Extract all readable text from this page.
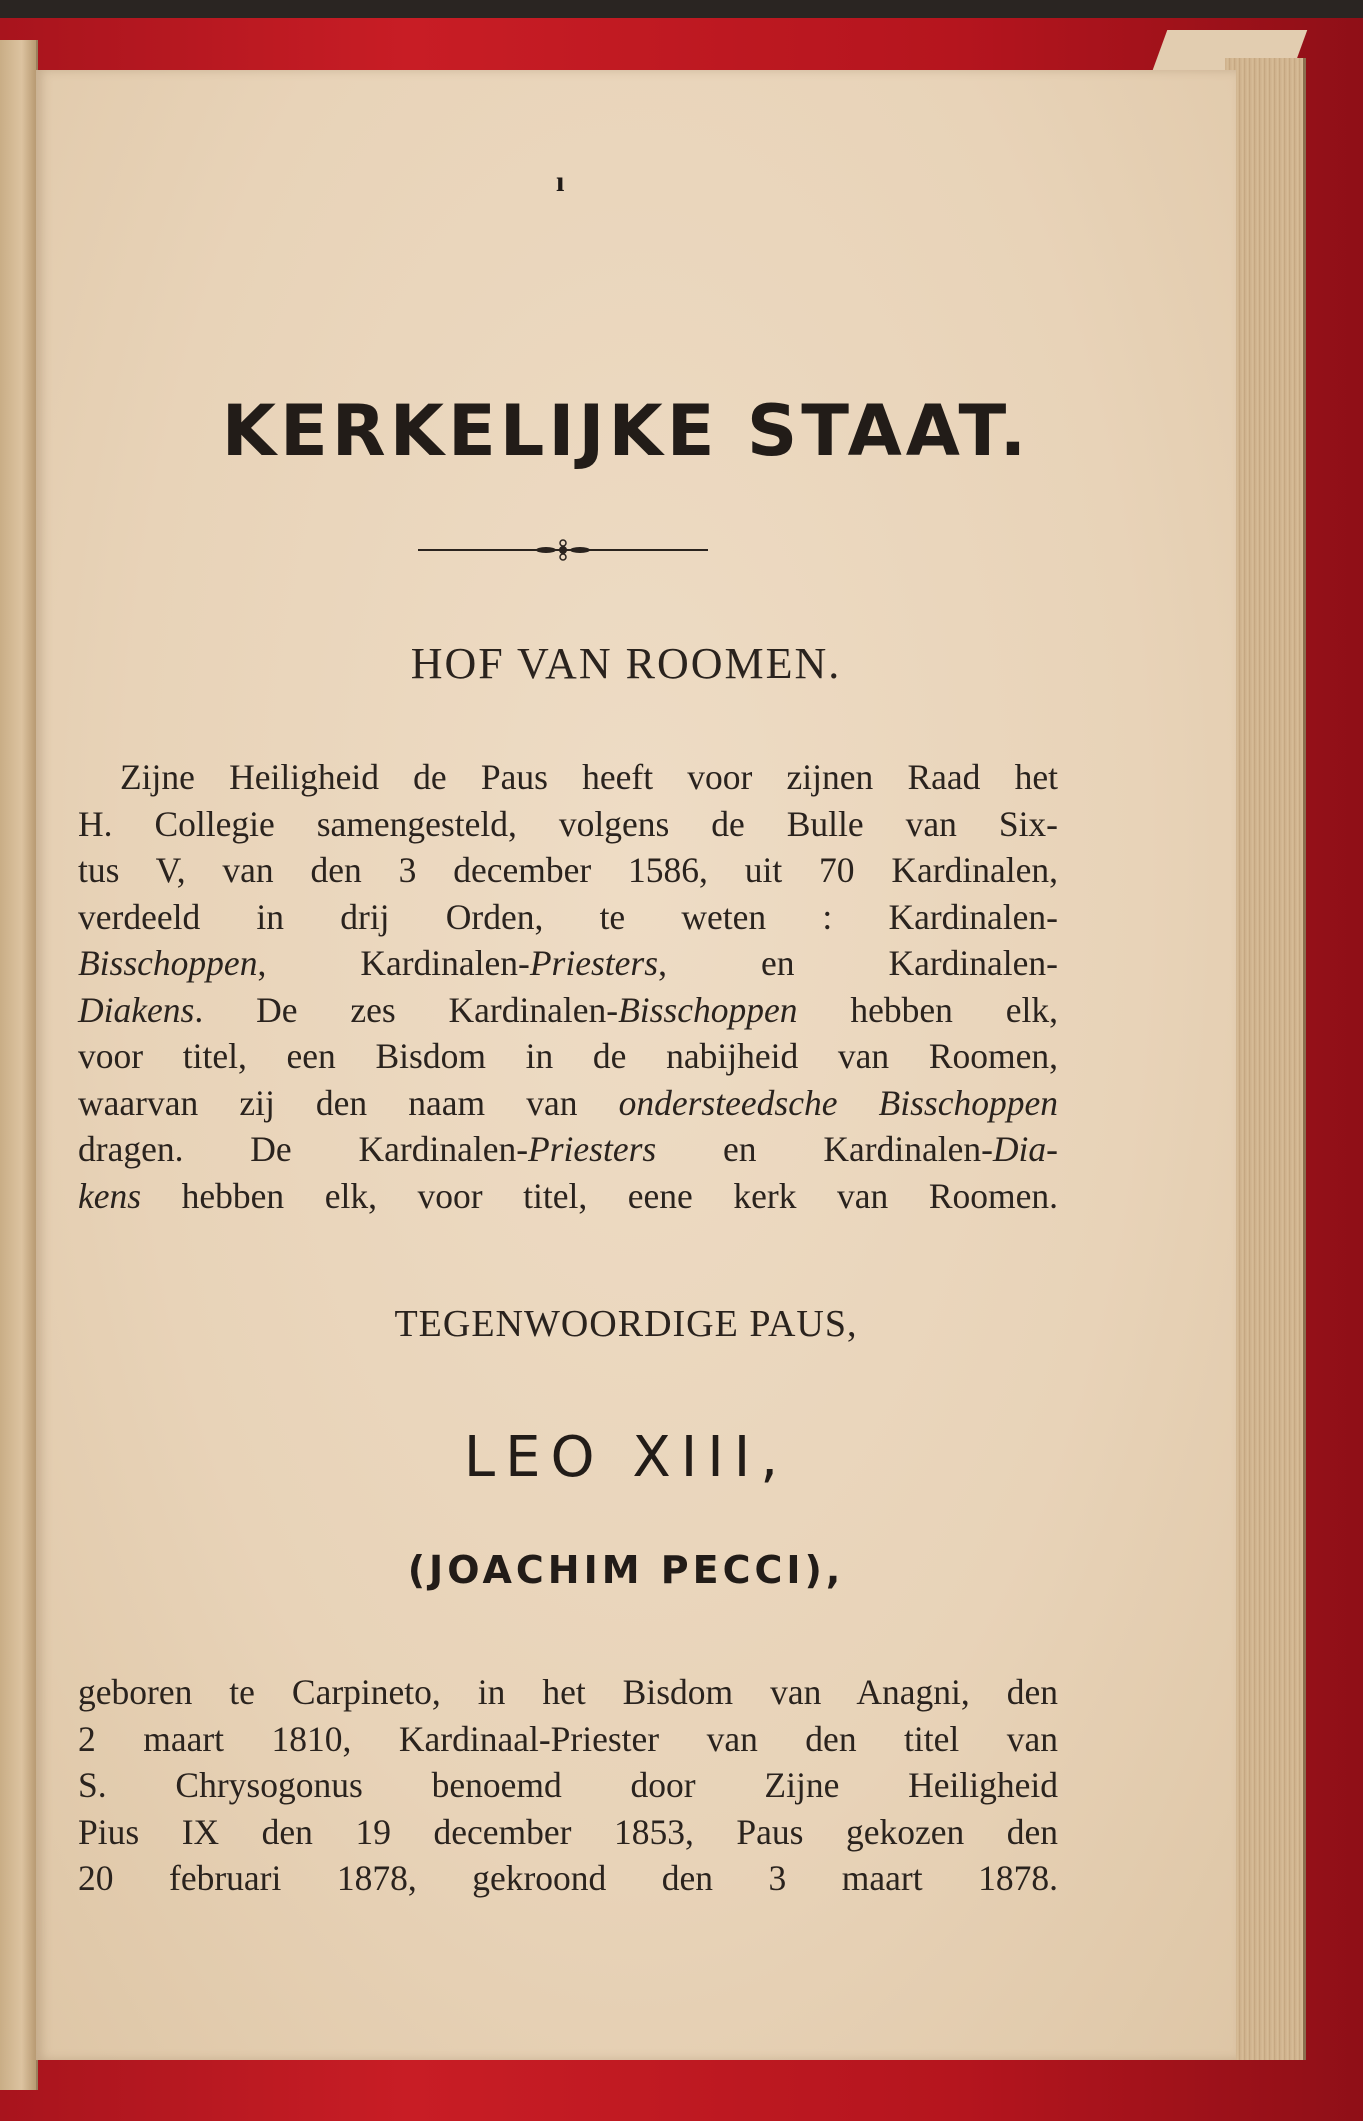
ı
KERKELIJKE STAAT.
HOF VAN ROOMEN.
Zijne Heiligheid de Paus heeft voor zijnen Raad het
H. Collegie samengesteld, volgens de Bulle van Six-
tus V, van den 3 december 1586, uit 70 Kardinalen,
verdeeld in drij Orden, te weten : Kardinalen-
Bisschoppen, Kardinalen-Priesters, en Kardinalen-
Diakens. De zes Kardinalen-Bisschoppen hebben elk,
voor titel, een Bisdom in de nabijheid van Roomen,
waarvan zij den naam van ondersteedsche Bisschoppen
dragen. De Kardinalen-Priesters en Kardinalen-Dia-
kens hebben elk, voor titel, eene kerk van Roomen.
TEGENWOORDIGE PAUS,
LEO XIII,
(JOACHIM PECCI),
geboren te Carpineto, in het Bisdom van Anagni, den
2 maart 1810, Kardinaal-Priester van den titel van
S. Chrysogonus benoemd door Zijne Heiligheid
Pius IX den 19 december 1853, Paus gekozen den
20 februari 1878, gekroond den 3 maart 1878.
